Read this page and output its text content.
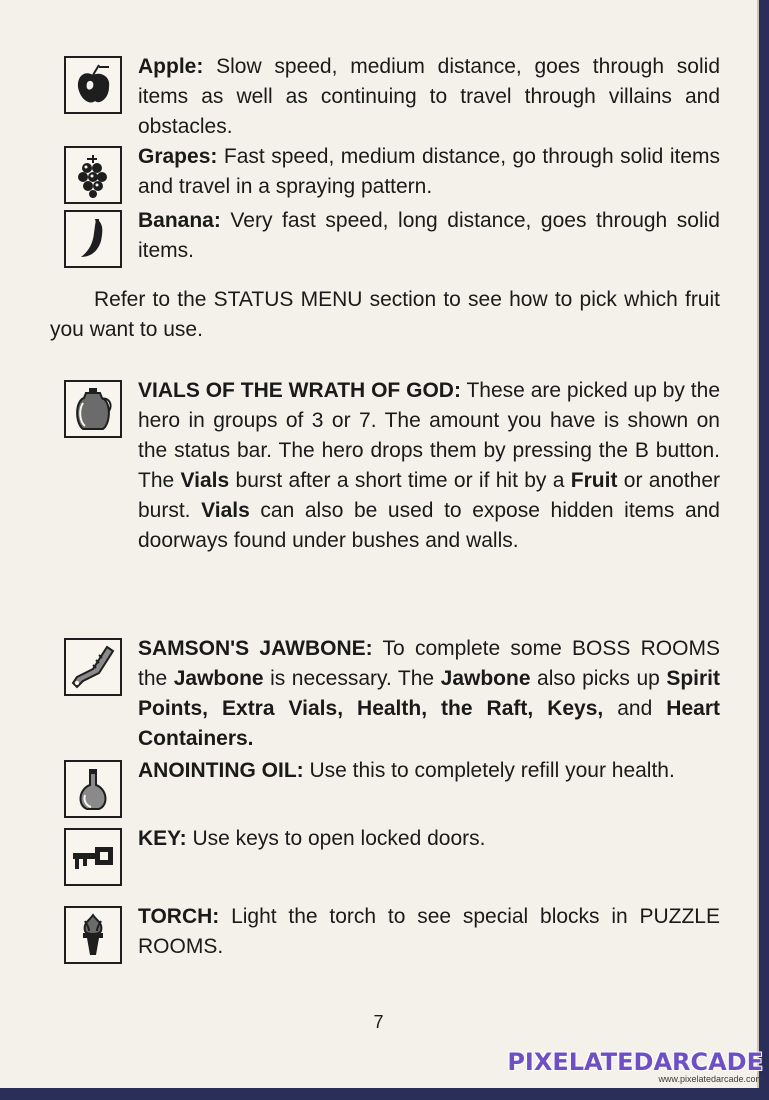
Apple: Slow speed, medium distance, goes through solid items as well as continuing to travel through villains and obstacles.
Grapes: Fast speed, medium distance, go through solid items and travel in a spraying pattern.
Banana: Very fast speed, long distance, goes through solid items.
Refer to the STATUS MENU section to see how to pick which fruit you want to use.
VIALS OF THE WRATH OF GOD: These are picked up by the hero in groups of 3 or 7. The amount you have is shown on the status bar. The hero drops them by pressing the B button. The Vials burst after a short time or if hit by a Fruit or another burst. Vials can also be used to expose hidden items and doorways found under bushes and walls.
SAMSON'S JAWBONE: To complete some BOSS ROOMS the Jawbone is necessary. The Jawbone also picks up Spirit Points, Extra Vials, Health, the Raft, Keys, and Heart Containers.
ANOINTING OIL: Use this to completely refill your health.
KEY: Use keys to open locked doors.
TORCH: Light the torch to see special blocks in PUZZLE ROOMS.
7
PIXELATEDARCADE
www.pixelatedarcade.com
